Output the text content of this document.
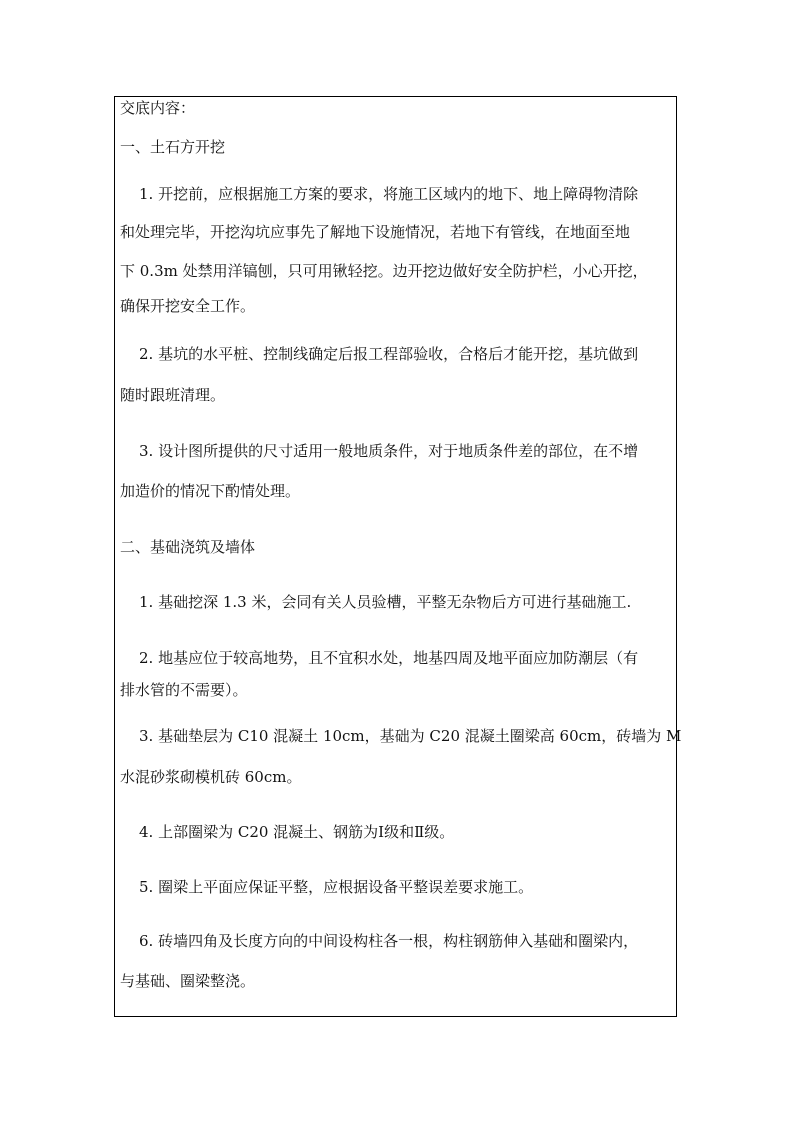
交底内容：
一、土石方开挖
1. 开挖前，应根据施工方案的要求，将施工区域内的地下、地上障碍物清除
和处理完毕，开挖沟坑应事先了解地下设施情况，若地下有管线，在地面至地
下 0.3m 处禁用洋镐刨，只可用锹轻挖。边开挖边做好安全防护栏，小心开挖，
确保开挖安全工作。
2. 基坑的水平桩、控制线确定后报工程部验收，合格后才能开挖，基坑做到
随时跟班清理。
3. 设计图所提供的尺寸适用一般地质条件，对于地质条件差的部位，在不增
加造价的情况下酌情处理。
二、基础浇筑及墙体
1. 基础挖深 1.3 米，会同有关人员验槽，平整无杂物后方可进行基础施工.
2. 地基应位于较高地势，且不宜积水处，地基四周及地平面应加防潮层（有
排水管的不需要）。
3. 基础垫层为 C10 混凝土 10cm，基础为 C20 混凝土圈梁高 60cm，砖墙为 M
水混砂浆砌模机砖 60cm。
4. 上部圈梁为 C20 混凝土、钢筋为Ⅰ级和Ⅱ级。
5. 圈梁上平面应保证平整，应根据设备平整误差要求施工。
6. 砖墙四角及长度方向的中间设构柱各一根，构柱钢筋伸入基础和圈梁内，
与基础、圈梁整浇。
